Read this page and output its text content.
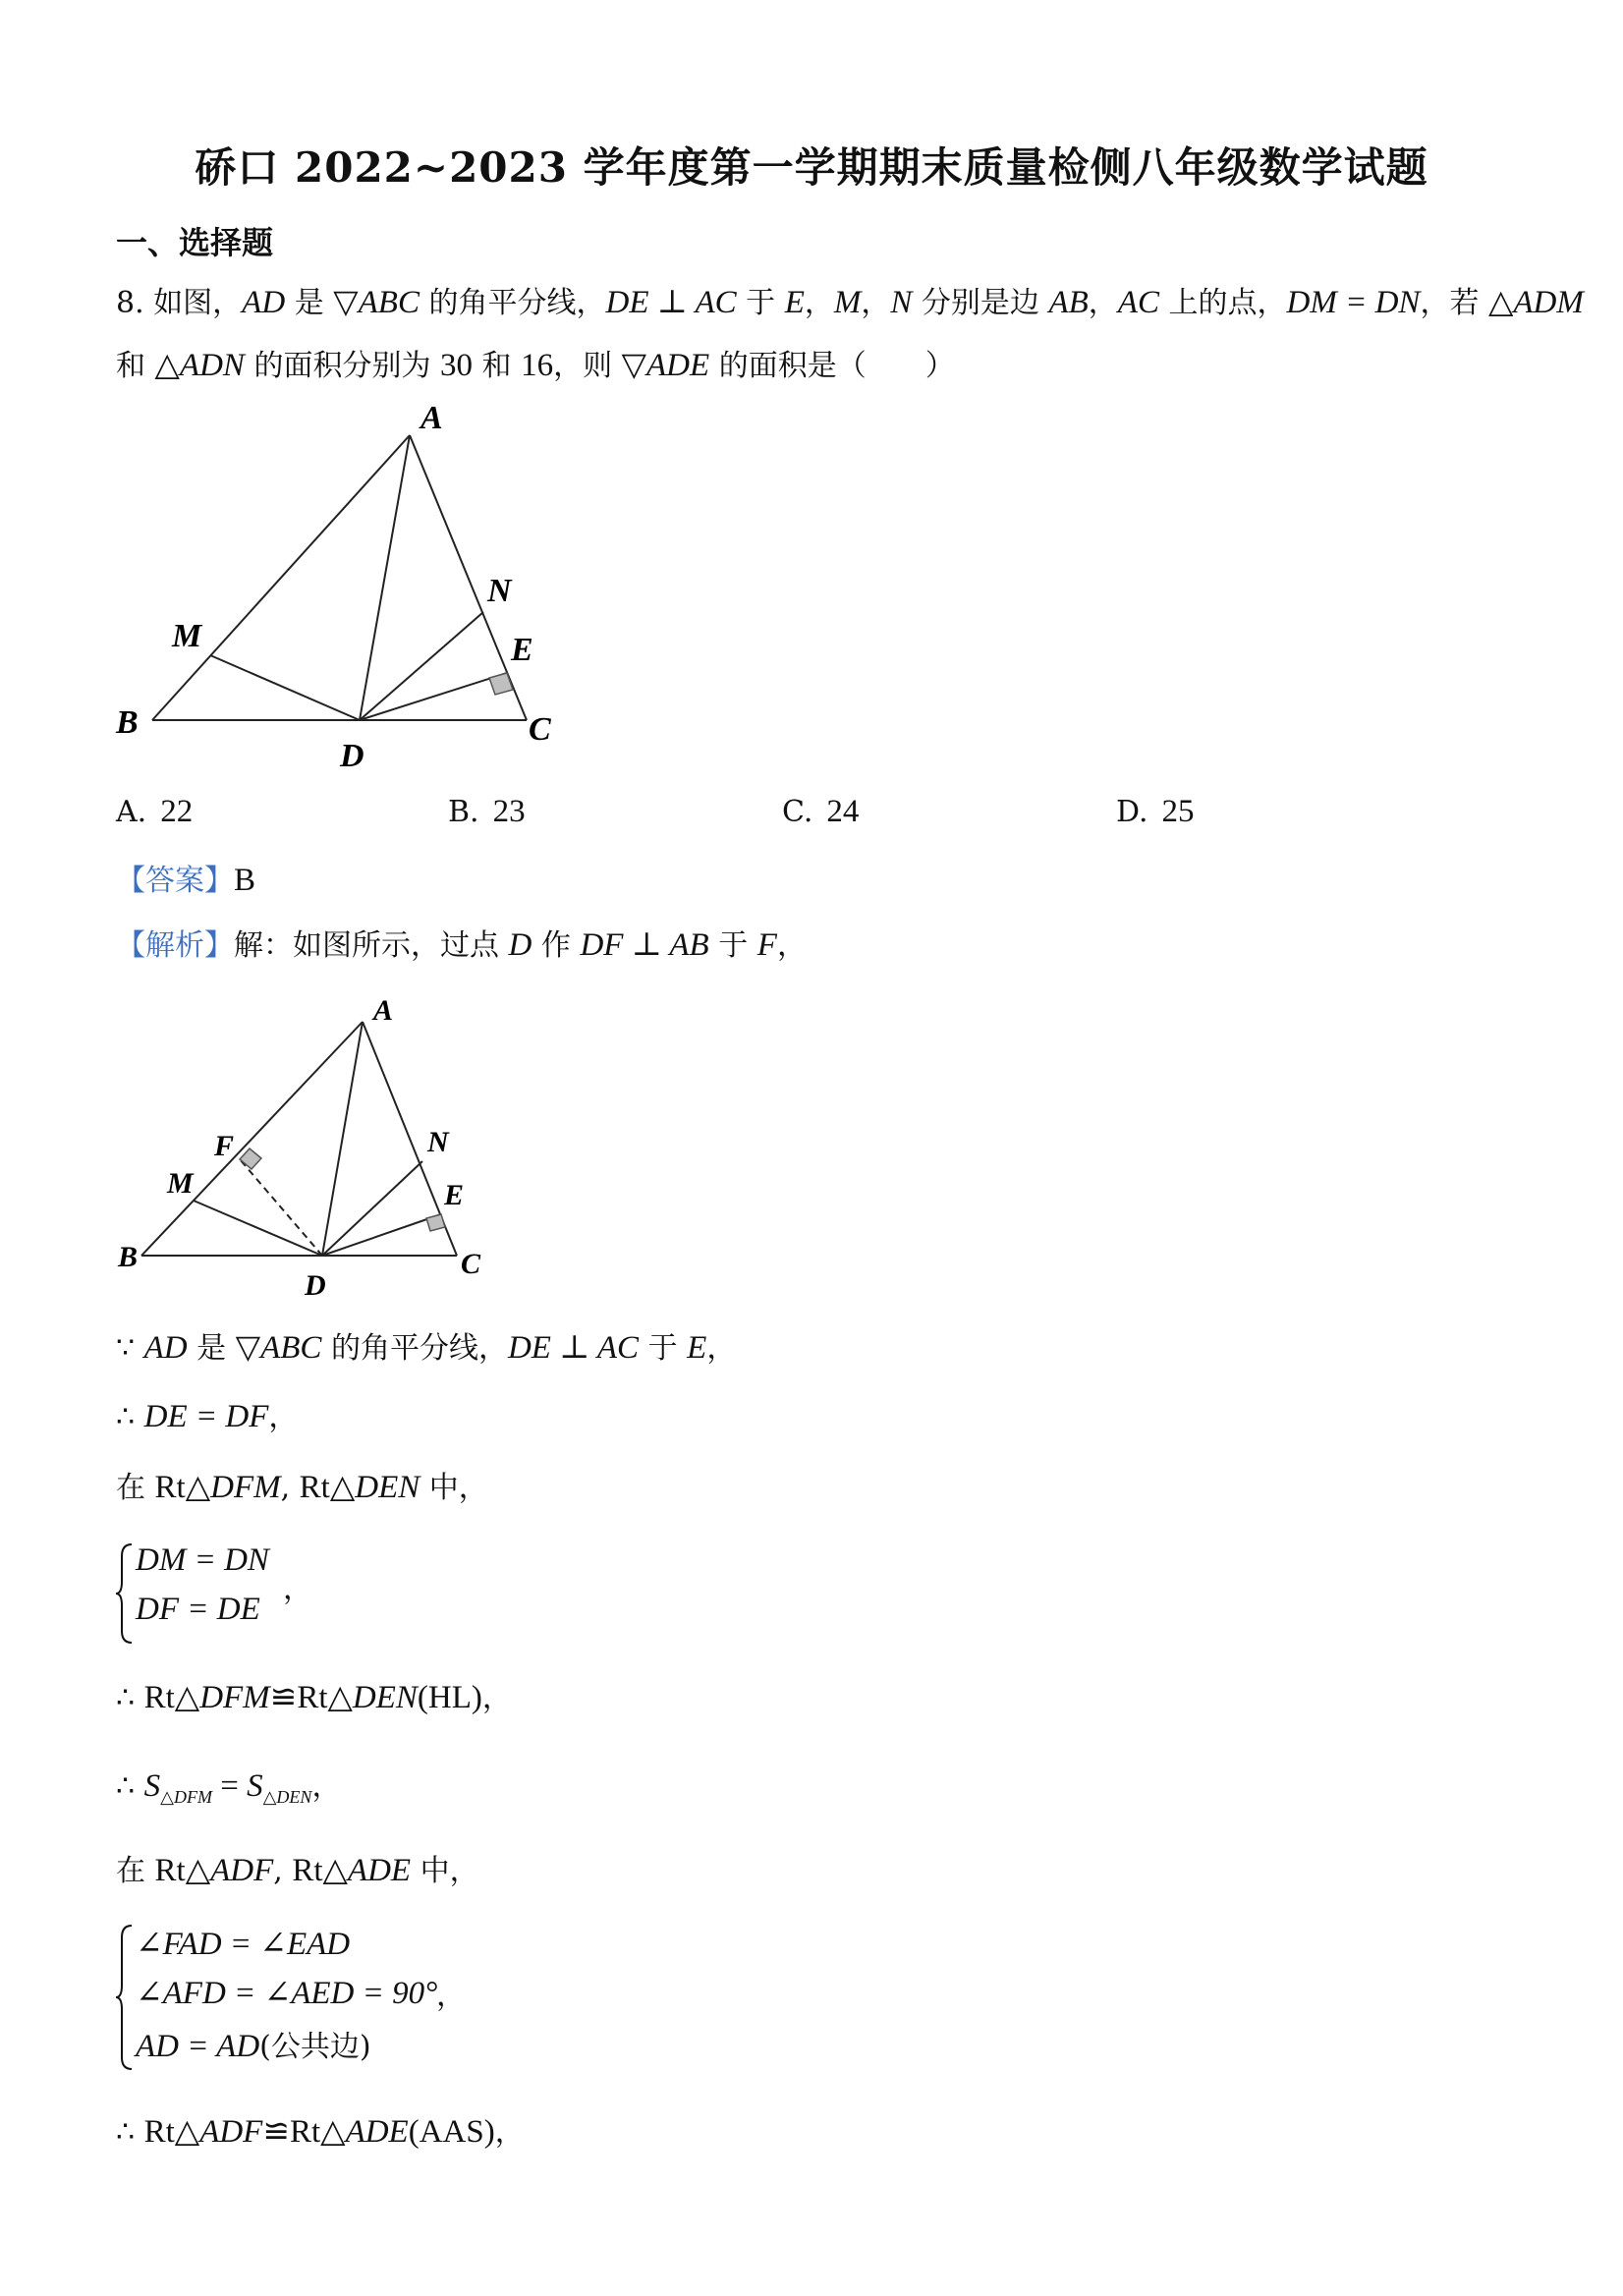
硚口 2022~2023 学年度第一学期期末质量检侧八年级数学试题
一、选择题
8. 如图，AD 是 ▽ABC 的角平分线，DE ⊥ AC 于 E，M，N 分别是边 AB，AC 上的点，DM = DN，若 △ADM
和 △ADN 的面积分别为 30 和 16，则 ▽ADE 的面积是（　　）
A
B	C
D
E
M
N
A. 22	B. 23	C. 24	D. 25
【答案】B
【解析】解：如图所示，过点 D 作 DF ⊥ AB 于 F，
A
B	C
D
E
M
N
F
∵ AD 是 ▽ABC 的角平分线，DE ⊥ AC 于 E，
∴ DE = DF，
在 Rt△DFM, Rt△DEN 中，
DM = DN
DF = DE
，
∴ Rt△DFM≌Rt△DEN(HL)，
∴ $S_{\triangle DFM} = S_{\triangle DEN}$，
在 Rt△ADF, Rt△ADE 中，
∠FAD = ∠EAD
∠AFD = ∠AED = 90°
AD = AD(公共边)
，
∴ Rt△ADF≌Rt△ADE(AAS)，
